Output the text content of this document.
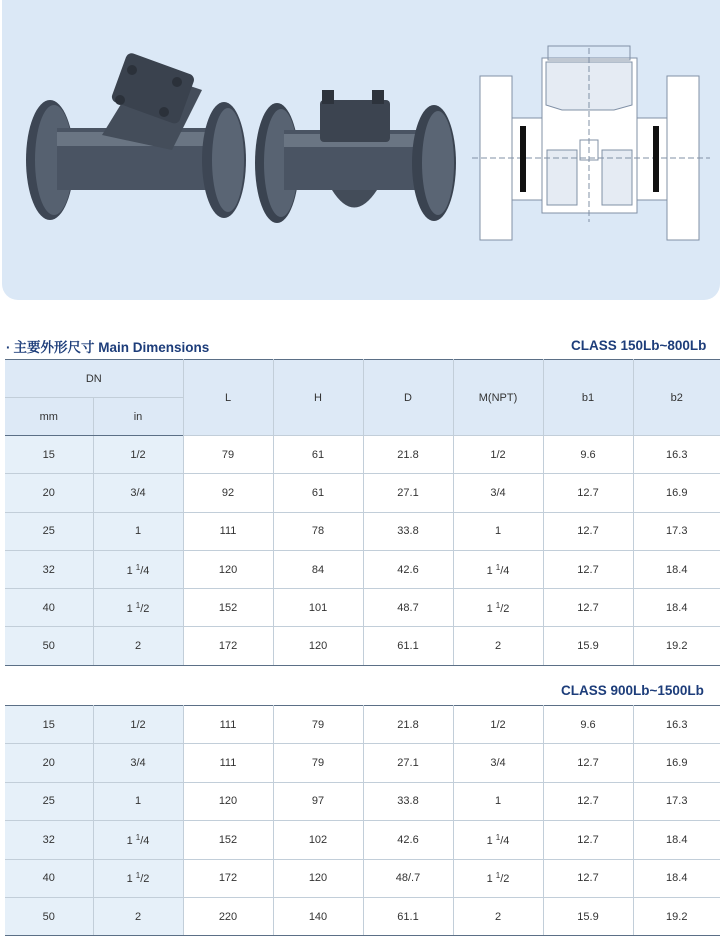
· 主要外形尺寸 Main Dimensions	CLASS 150Lb~800Lb
DN		L	H	D	M(NPT)	b1	b2
mm	in						
15	1/2	79	61	21.8	1/2	9.6	16.3
20	3/4	92	61	27.1	3/4	12.7	16.9
25	1	111	78	33.8	1	12.7	17.3
32	1 $^1$/4	120	84	42.6	1 $^1$/4	12.7	18.4
40	1 $^1$/2	152	101	48.7	1 $^1$/2	12.7	18.4
50	2	172	120	61.1	2	15.9	19.2
CLASS 900Lb~1500Lb
15	1/2	111	79	21.8	1/2	9.6	16.3
20	3/4	111	79	27.1	3/4	12.7	16.9
25	1	120	97	33.8	1	12.7	17.3
32	1 $^1$/4	152	102	42.6	1 $^1$/4	12.7	18.4
40	1 $^1$/2	172	120	48/.7	1 $^1$/2	12.7	18.4
50	2	220	140	61.1	2	15.9	19.2
